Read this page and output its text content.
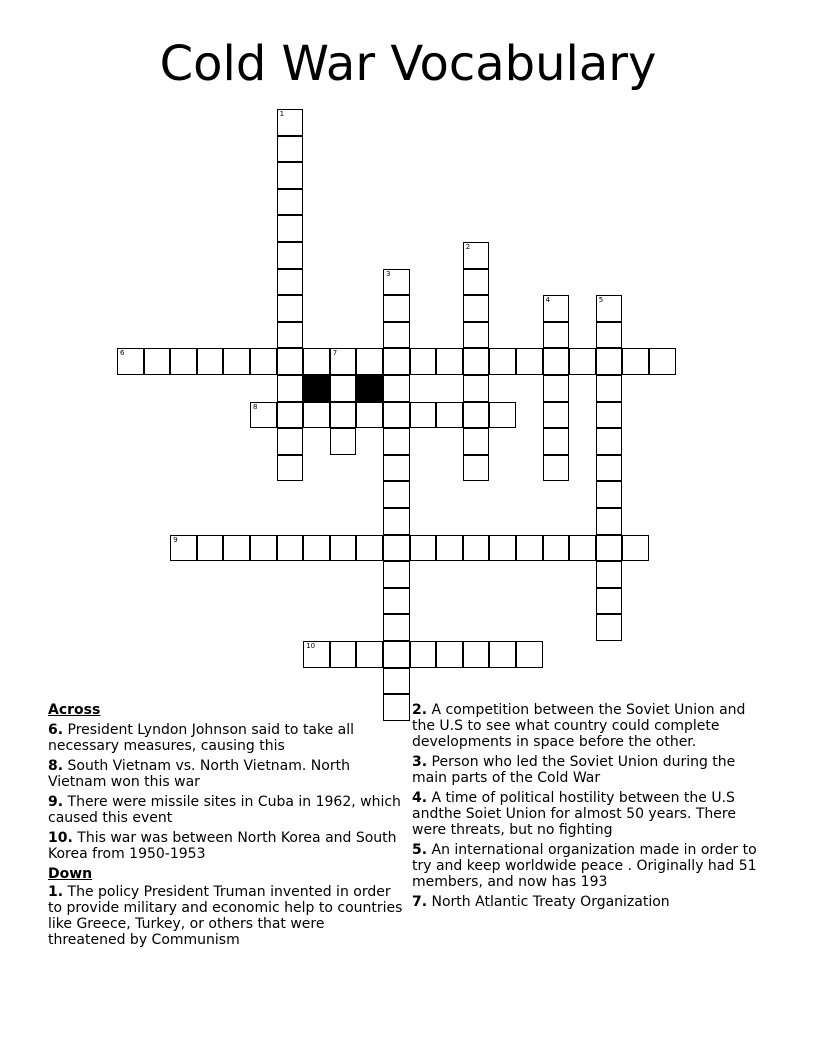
Cold War Vocabulary
1
2
3
4	5
7
6
8
9
10
Across
6. President Lyndon Johnson said to take all necessary measures, causing this
8. South Vietnam vs. North Vietnam. North Vietnam won this war
9. There were missile sites in Cuba in 1962, which caused this event
10. This war was between North Korea and South Korea from 1950-1953
Down
1. The policy President Truman invented in order to provide military and economic help to countries like Greece, Turkey, or others that were threatened by Communism
2. A competition between the Soviet Union and the U.S to see what country could complete developments in space before the other.
3. Person who led the Soviet Union during the main parts of the Cold War
4. A time of political hostility between the U.S andthe Soiet Union for almost 50 years. There were threats, but no fighting
5. An international organization made in order to try and keep worldwide peace . Originally had 51 members, and now has 193
7. North Atlantic Treaty Organization
